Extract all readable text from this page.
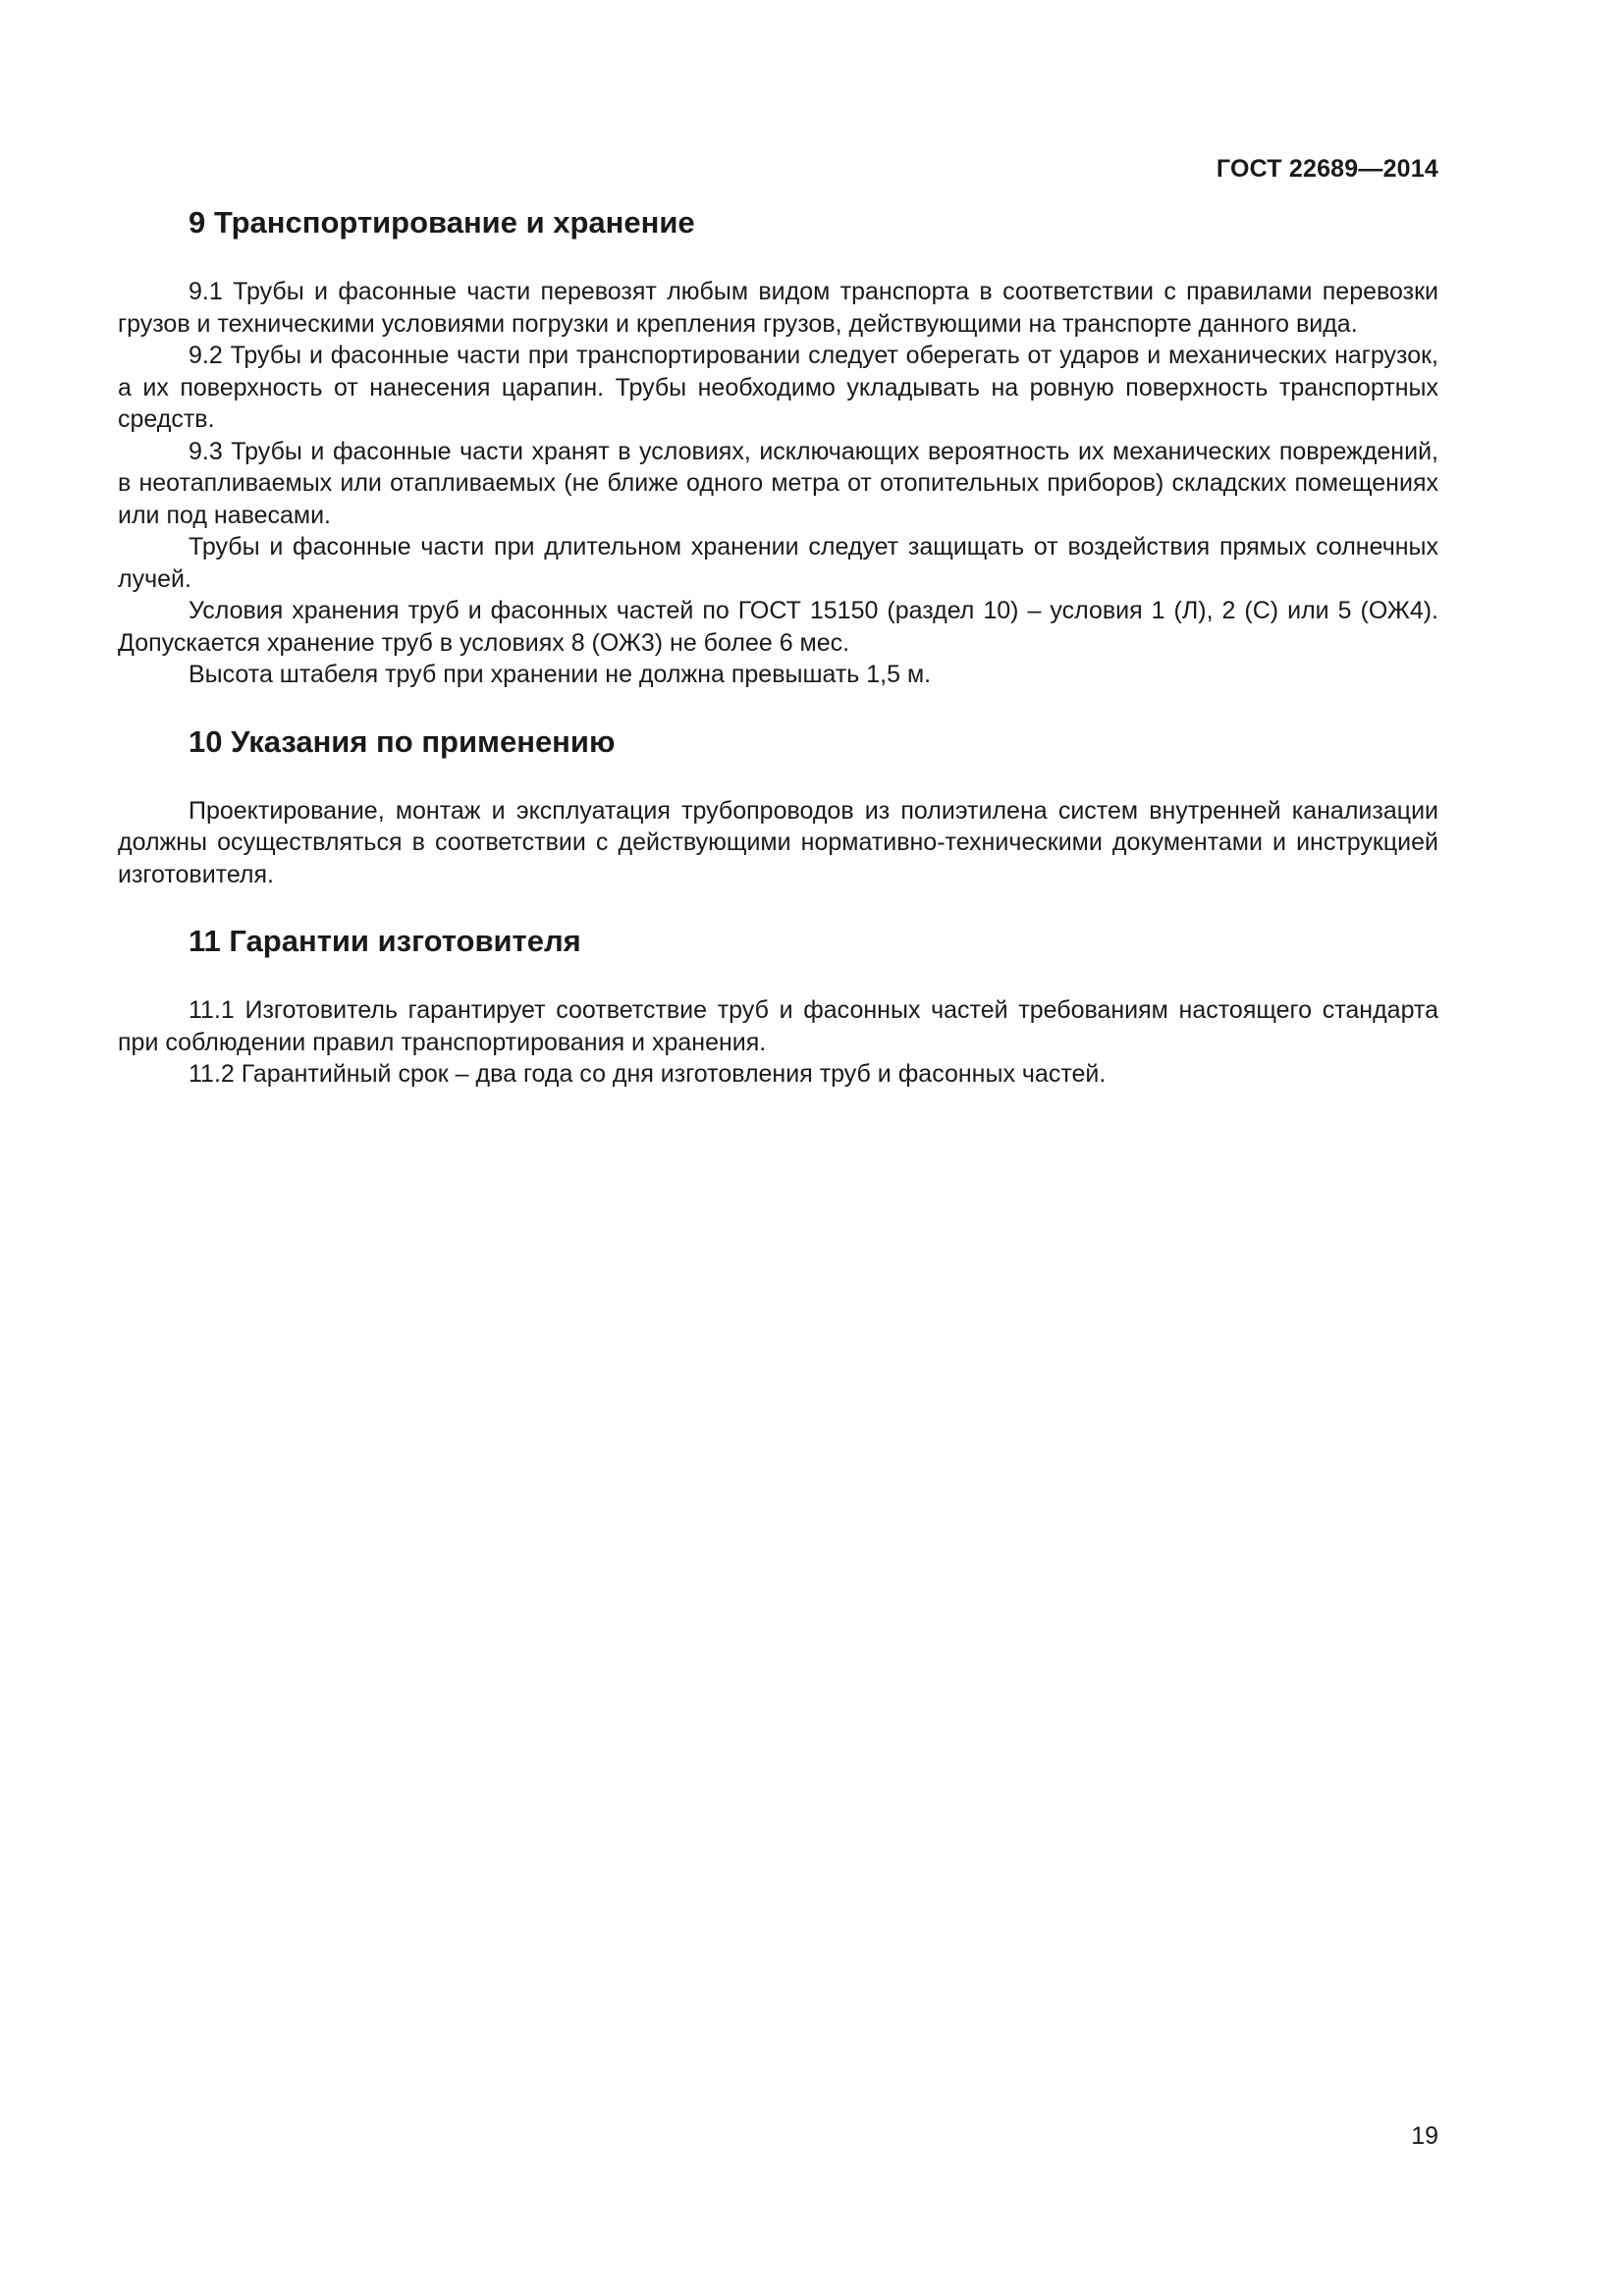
ГОСТ 22689—2014
9 Транспортирование и хранение

9.1 Трубы и фасонные части перевозят любым видом транспорта в соответствии с правилами перевозки грузов и техническими условиями погрузки и крепления грузов, действующими на транспорте данного вида.

9.2 Трубы и фасонные части при транспортировании следует оберегать от ударов и механических нагрузок, а их поверхность от нанесения царапин. Трубы необходимо укладывать на ровную поверхность транспортных средств.

9.3 Трубы и фасонные части хранят в условиях, исключающих вероятность их механических повреждений, в неотапливаемых или отапливаемых (не ближе одного метра от отопительных приборов) складских помещениях или под навесами.

Трубы и фасонные части при длительном хранении следует защищать от воздействия прямых солнечных лучей.

Условия хранения труб и фасонных частей по ГОСТ 15150 (раздел 10) – условия 1 (Л), 2 (С) или 5 (ОЖ4). Допускается хранение труб в условиях 8 (ОЖ3) не более 6 мес.

Высота штабеля труб при хранении не должна превышать 1,5 м.

10 Указания по применению

Проектирование, монтаж и эксплуатация трубопроводов из полиэтилена систем внутренней канализации должны осуществляться в соответствии с действующими нормативно-техническими документами и инструкцией изготовителя.

11 Гарантии изготовителя

11.1 Изготовитель гарантирует соответствие труб и фасонных частей требованиям настоящего стандарта при соблюдении правил транспортирования и хранения.

11.2 Гарантийный срок – два года со дня изготовления труб и фасонных частей.

19
